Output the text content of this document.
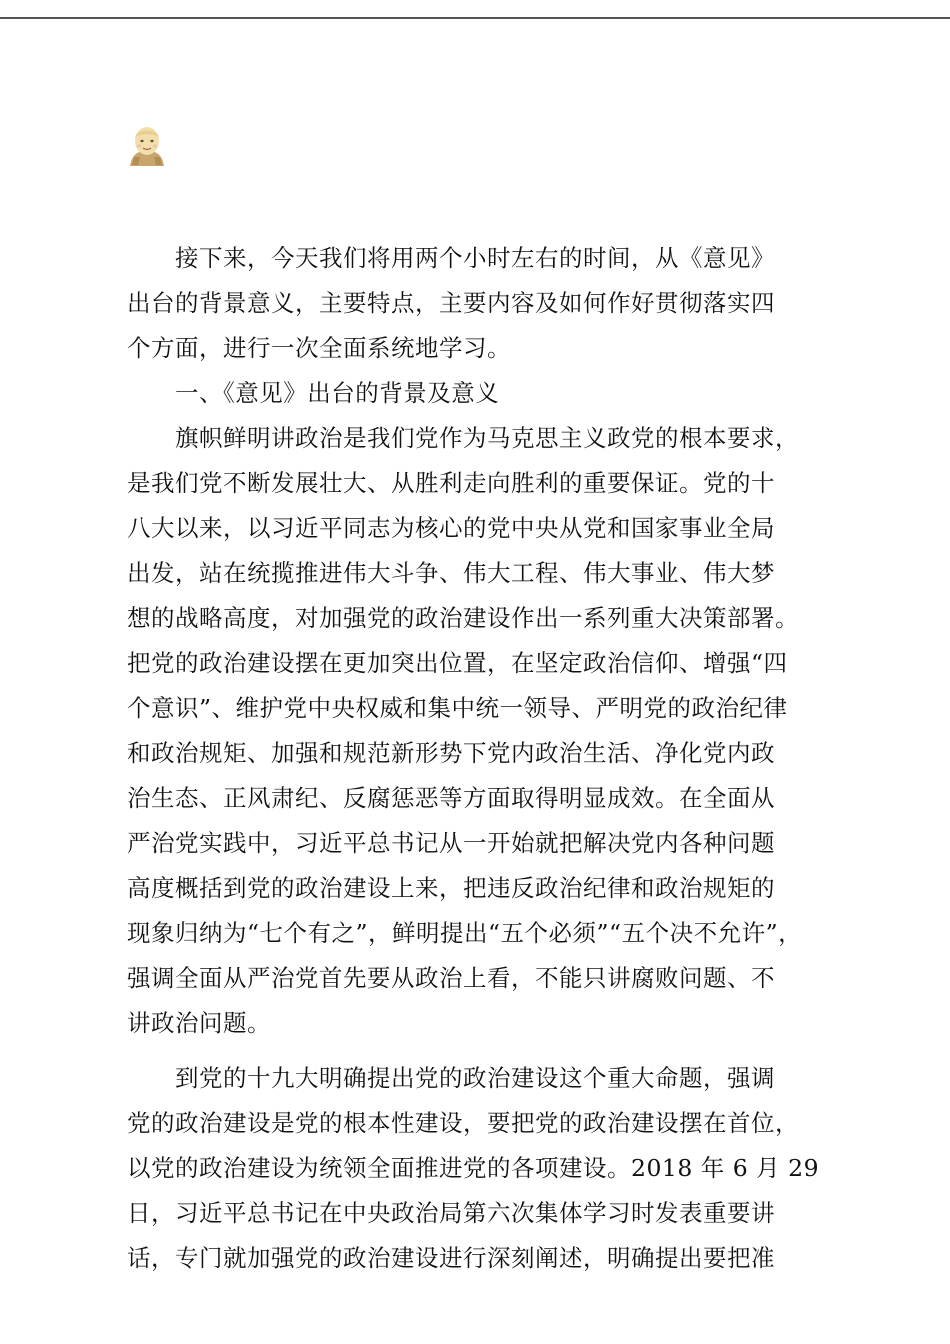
　　接下来，今天我们将用两个小时左右的时间，从《意见》
出台的背景意义，主要特点，主要内容及如何作好贯彻落实四
个方面，进行一次全面系统地学习。
　　一、《意见》出台的背景及意义
　　旗帜鲜明讲政治是我们党作为马克思主义政党的根本要求，
是我们党不断发展壮大、从胜利走向胜利的重要保证。党的十
八大以来，以习近平同志为核心的党中央从党和国家事业全局
出发，站在统揽推进伟大斗争、伟大工程、伟大事业、伟大梦
想的战略高度，对加强党的政治建设作出一系列重大决策部署。
把党的政治建设摆在更加突出位置，在坚定政治信仰、增强“四
个意识”、维护党中央权威和集中统一领导、严明党的政治纪律
和政治规矩、加强和规范新形势下党内政治生活、净化党内政
治生态、正风肃纪、反腐惩恶等方面取得明显成效。在全面从
严治党实践中，习近平总书记从一开始就把解决党内各种问题
高度概括到党的政治建设上来，把违反政治纪律和政治规矩的
现象归纳为“七个有之”，鲜明提出“五个必须”“五个决不允许”，
强调全面从严治党首先要从政治上看，不能只讲腐败问题、不
讲政治问题。
　　到党的十九大明确提出党的政治建设这个重大命题，强调
党的政治建设是党的根本性建设，要把党的政治建设摆在首位，
以党的政治建设为统领全面推进党的各项建设。2018 年 6 月 29
日，习近平总书记在中央政治局第六次集体学习时发表重要讲
话，专门就加强党的政治建设进行深刻阐述，明确提出要把准
